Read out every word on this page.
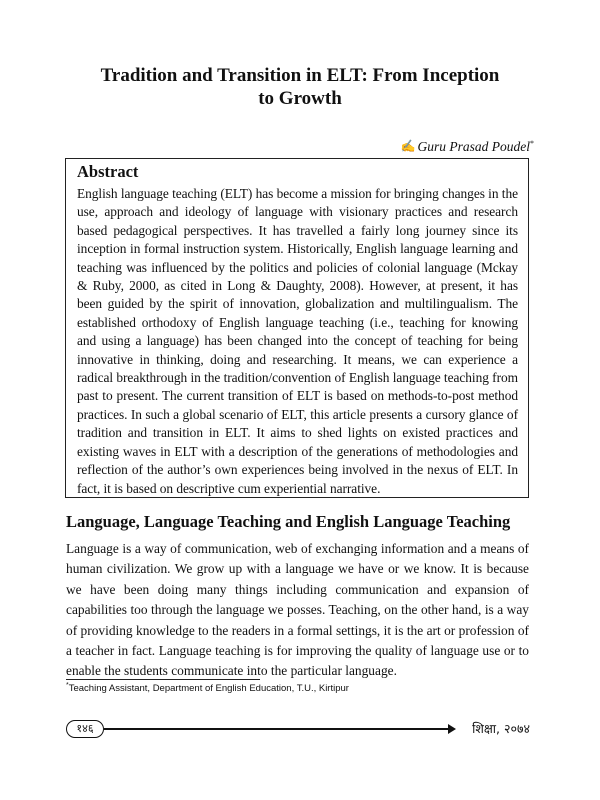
Tradition and Transition in ELT: From Inception
to Growth
✍ Guru Prasad Poudel*
Abstract

English language teaching (ELT) has become a mission for bringing changes in the use, approach and ideology of language with visionary practices and research based pedagogical perspectives. It has travelled a fairly long journey since its inception in formal instruction system. Historically, English language learning and teaching was influenced by the politics and policies of colonial language (Mckay & Ruby, 2000, as cited in Long & Daughty, 2008). However, at present, it has been guided by the spirit of innovation, globalization and multilingualism. The established orthodoxy of English language teaching (i.e., teaching for knowing and using a language) has been changed into the concept of teaching for being innovative in thinking, doing and researching. It means, we can experience a radical breakthrough in the tradition/convention of English language teaching from past to present. The current transition of ELT is based on methods-to-post method practices. In such a global scenario of ELT, this article presents a cursory glance of tradition and transition in ELT. It aims to shed lights on existed practices and existing waves in ELT with a description of the generations of methodologies and reflection of the author’s own experiences being involved in the nexus of ELT. In fact, it is based on descriptive cum experiential narrative.

Language, Language Teaching and English Language Teaching

Language is a way of communication, web of exchanging information and a means of human civilization. We grow up with a language we have or we know. It is because we have been doing many things including communication and expansion of capabilities too through the language we posses. Teaching, on the other hand, is a way of providing knowledge to the readers in a formal settings, it is the art or profession of a teacher in fact. Language teaching is for improving the quality of language use or to enable the students communicate into the particular language.

*Teaching Assistant, Department of English Education, T.U., Kirtipur
१४६	शिक्षा, २०७४
